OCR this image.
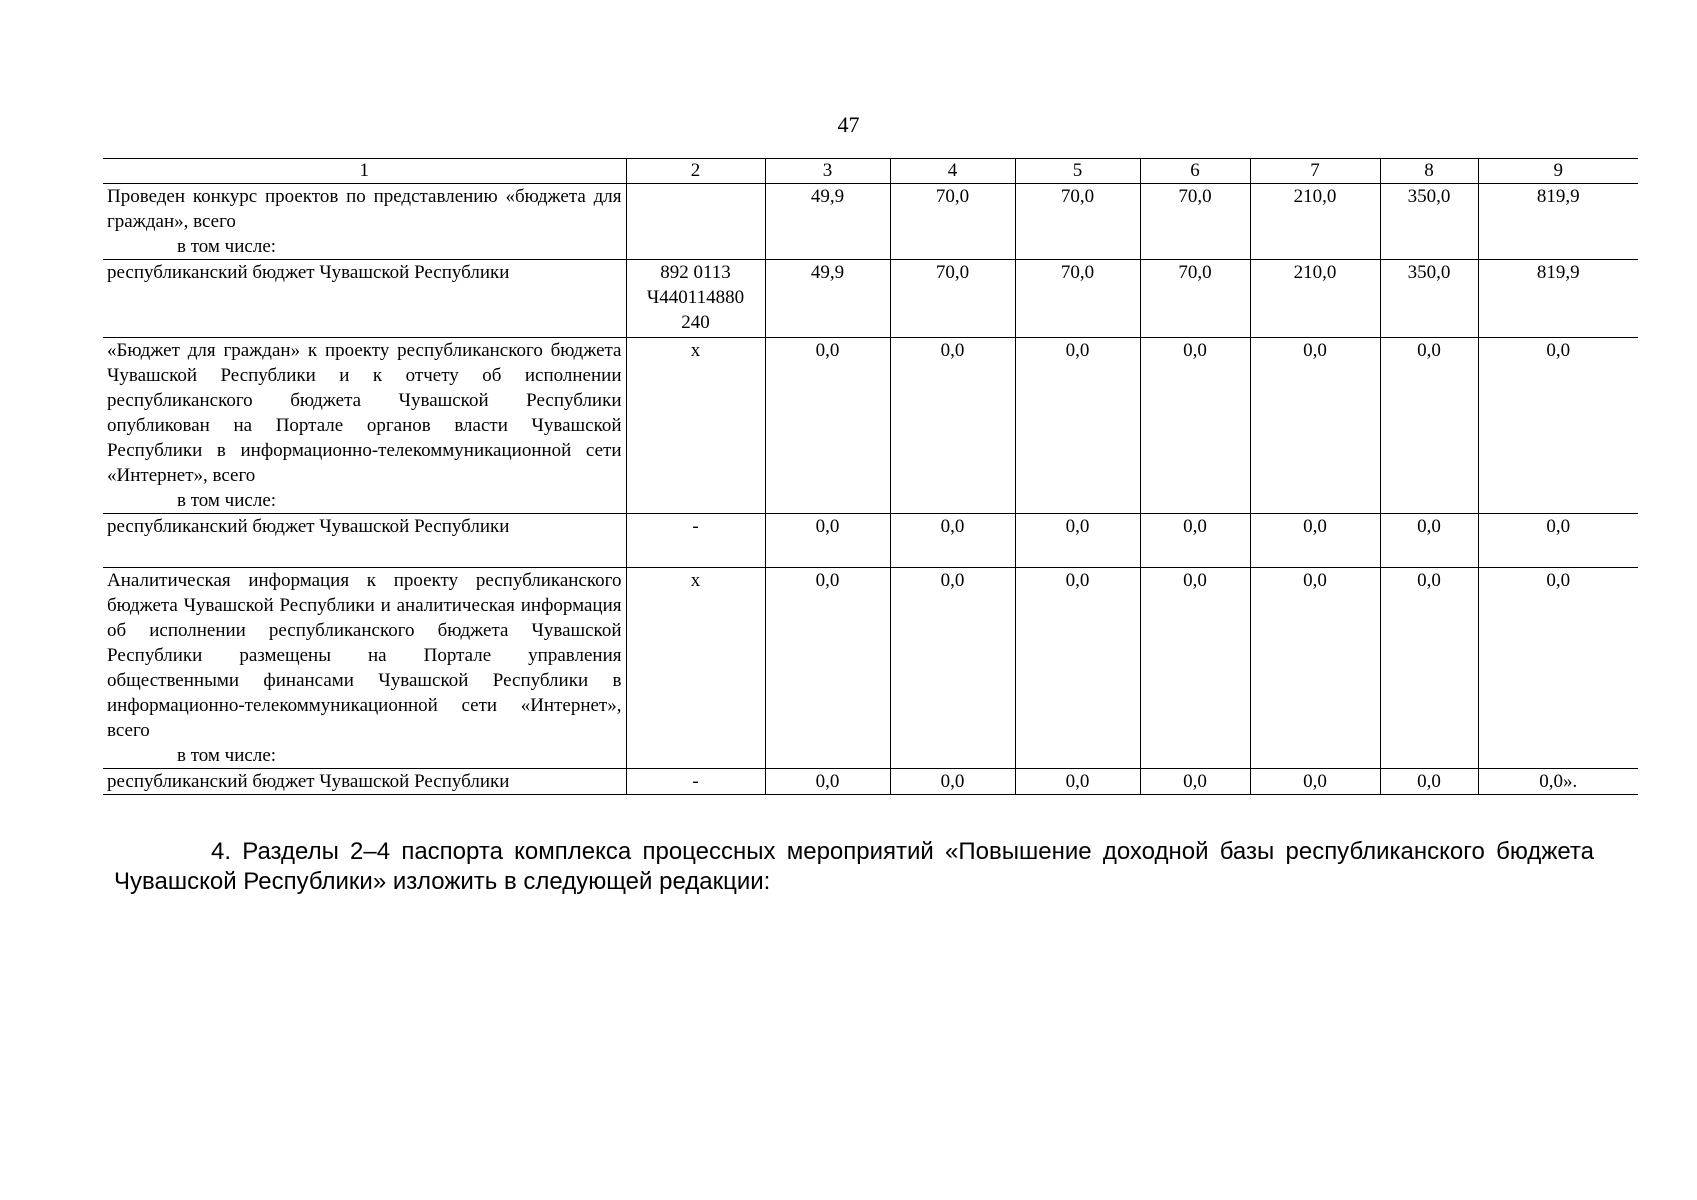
47
1	2	3	4	5	6	7	8	9
Проведен конкурс проектов по представлению «бюджета для граждан», всего
в том числе:		49,9	70,0	70,0	70,0	210,0	350,0	819,9
республиканский бюджет Чувашской Республики	892 0113 Ч440114880 240	49,9	70,0	70,0	70,0	210,0	350,0	819,9
«Бюджет для граждан» к проекту республиканского бюджета Чувашской Республики и к отчету об исполнении республиканского бюджета Чувашской Республики опубликован на Портале органов власти Чувашской Республики в информационно-телекоммуникационной сети «Интернет», всего
в том числе:	x	0,0	0,0	0,0	0,0	0,0	0,0	0,0
республиканский бюджет Чувашской Республики	-	0,0	0,0	0,0	0,0	0,0	0,0	0,0
Аналитическая информация к проекту республиканского бюджета Чувашской Республики и аналитическая информация об исполнении республиканского бюджета Чувашской Республики размещены на Портале управления общественными финансами Чувашской Республики в информационно-телекоммуникационной сети «Интернет», всего
в том числе:	x	0,0	0,0	0,0	0,0	0,0	0,0	0,0
республиканский бюджет Чувашской Республики	-	0,0	0,0	0,0	0,0	0,0	0,0	0,0».
4. Разделы 2–4 паспорта комплекса процессных мероприятий «Повышение доходной базы республиканского бюджета Чувашской Республики» изложить в следующей редакции:
